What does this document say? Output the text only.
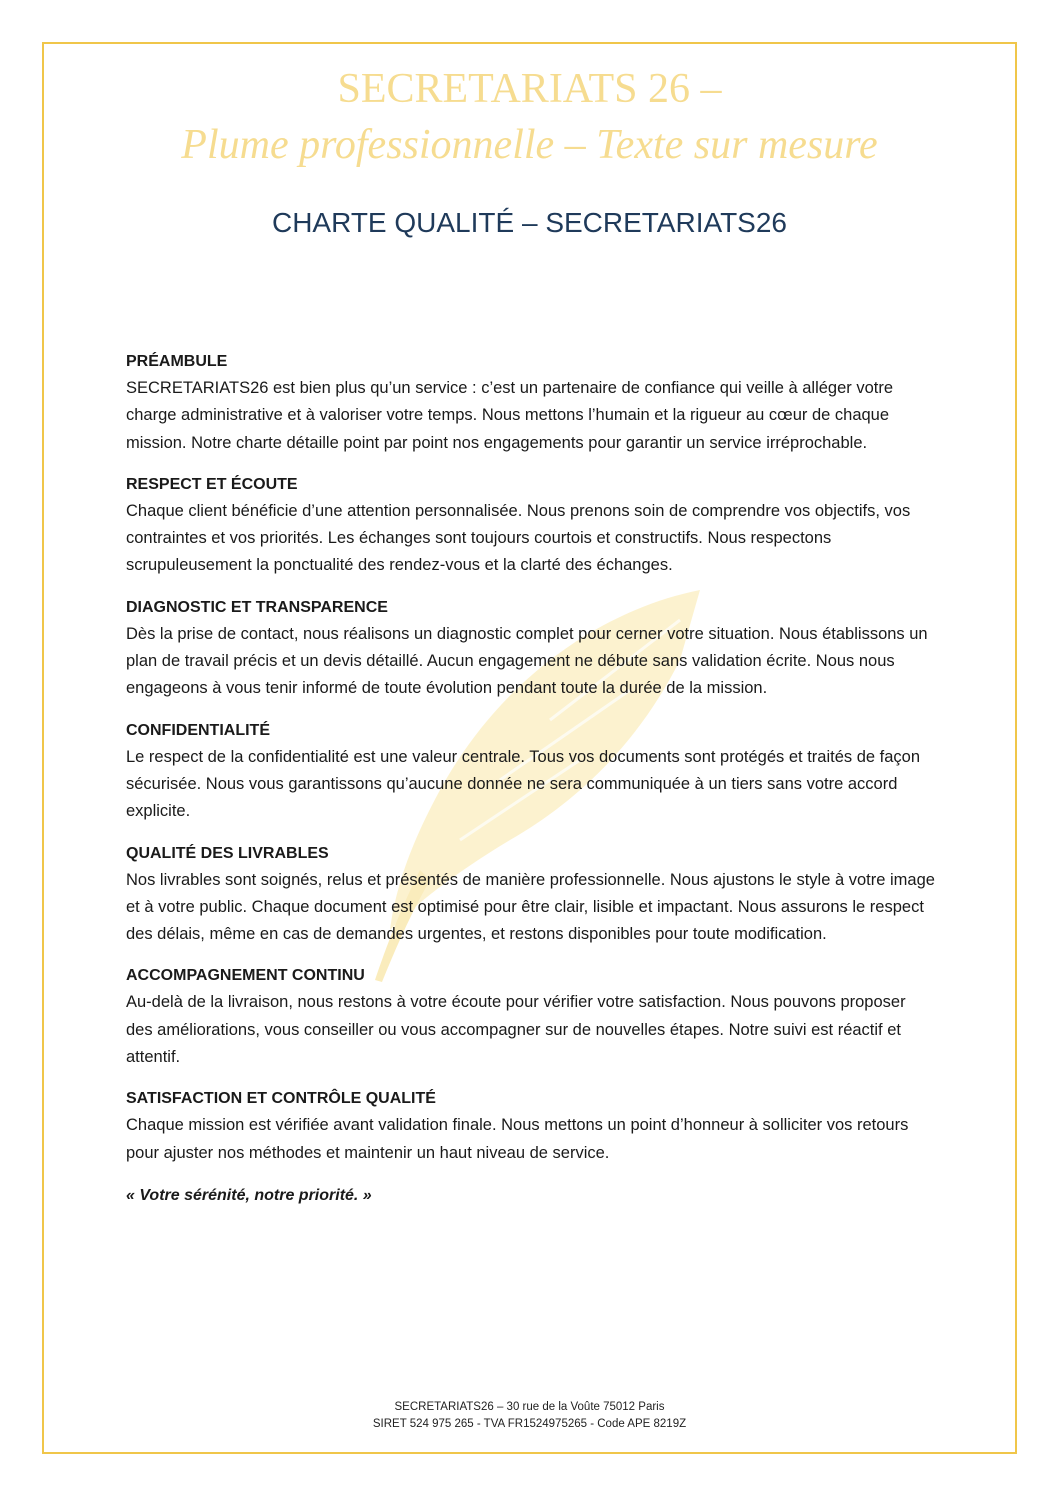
SECRETARIATS 26 –
Plume professionnelle – Texte sur mesure
CHARTE QUALITÉ – SECRETARIATS26
PRÉAMBULE

SECRETARIATS26 est bien plus qu’un service : c’est un partenaire de confiance qui veille à alléger votre charge administrative et à valoriser votre temps. Nous mettons l’humain et la rigueur au cœur de chaque mission. Notre charte détaille point par point nos engagements pour garantir un service irréprochable.

RESPECT ET ÉCOUTE

Chaque client bénéficie d’une attention personnalisée. Nous prenons soin de comprendre vos objectifs, vos contraintes et vos priorités. Les échanges sont toujours courtois et constructifs. Nous respectons scrupuleusement la ponctualité des rendez-vous et la clarté des échanges.

DIAGNOSTIC ET TRANSPARENCE

Dès la prise de contact, nous réalisons un diagnostic complet pour cerner votre situation. Nous établissons un plan de travail précis et un devis détaillé. Aucun engagement ne débute sans validation écrite. Nous nous engageons à vous tenir informé de toute évolution pendant toute la durée de la mission.

CONFIDENTIALITÉ

Le respect de la confidentialité est une valeur centrale. Tous vos documents sont protégés et traités de façon sécurisée. Nous vous garantissons qu’aucune donnée ne sera communiquée à un tiers sans votre accord explicite.

QUALITÉ DES LIVRABLES

Nos livrables sont soignés, relus et présentés de manière professionnelle. Nous ajustons le style à votre image et à votre public. Chaque document est optimisé pour être clair, lisible et impactant. Nous assurons le respect des délais, même en cas de demandes urgentes, et restons disponibles pour toute modification.

ACCOMPAGNEMENT CONTINU

Au-delà de la livraison, nous restons à votre écoute pour vérifier votre satisfaction. Nous pouvons proposer des améliorations, vous conseiller ou vous accompagner sur de nouvelles étapes. Notre suivi est réactif et attentif.

SATISFACTION ET CONTRÔLE QUALITÉ

Chaque mission est vérifiée avant validation finale. Nous mettons un point d’honneur à solliciter vos retours pour ajuster nos méthodes et maintenir un haut niveau de service.

« Votre sérénité, notre priorité. »
SECRETARIATS26 – 30 rue de la Voûte 75012 Paris
SIRET 524 975 265 - TVA FR1524975265 - Code APE 8219Z
